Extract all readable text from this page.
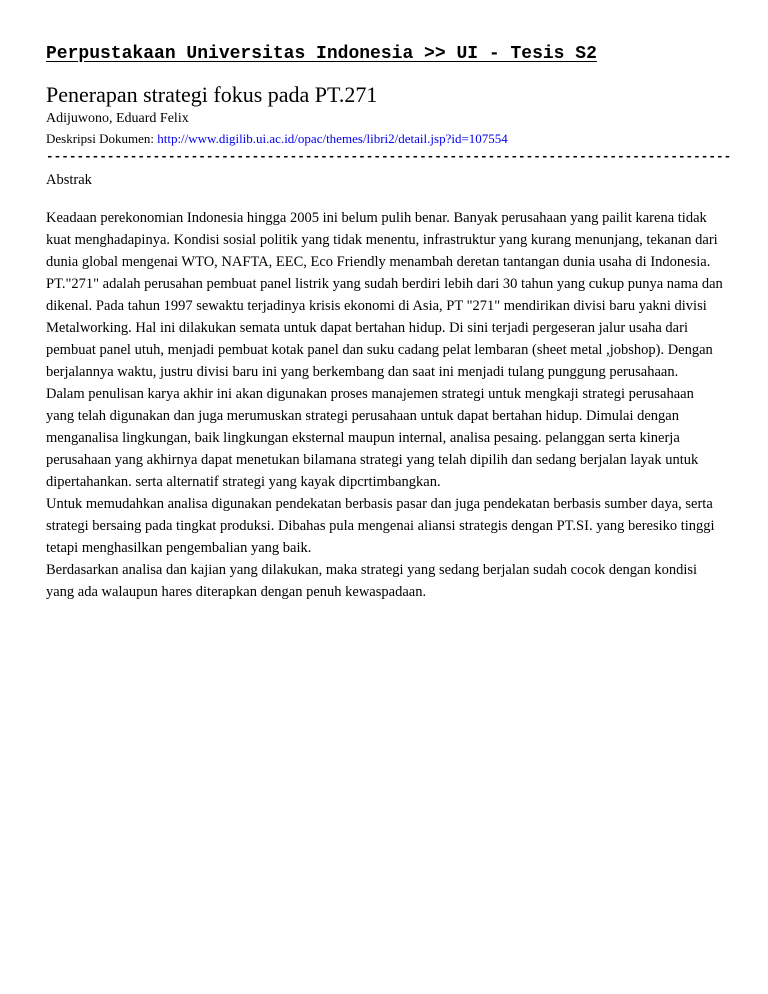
Perpustakaan Universitas Indonesia >> UI - Tesis S2
Penerapan strategi fokus pada PT.271
Adijuwono, Eduard Felix
Deskripsi Dokumen: http://www.digilib.ui.ac.id/opac/themes/libri2/detail.jsp?id=107554
------------------------------------------------------------------------------------------
Abstrak

Keadaan perekonomian Indonesia hingga 2005 ini belum pulih benar. Banyak perusahaan yang pailit karena tidak kuat menghadapinya. Kondisi sosial politik yang tidak menentu, infrastruktur yang kurang menunjang, tekanan dari dunia global mengenai WTO, NAFTA, EEC, Eco Friendly menambah deretan tantangan dunia usaha di Indonesia.

PT."271" adalah perusahan pembuat panel listrik yang sudah berdiri lebih dari 30 tahun yang cukup punya nama dan dikenal. Pada tahun 1997 sewaktu terjadinya krisis ekonomi di Asia, PT "271" mendirikan divisi baru yakni divisi Metalworking. Hal ini dilakukan semata untuk dapat bertahan hidup. Di sini terjadi pergeseran jalur usaha dari pembuat panel utuh, menjadi pembuat kotak panel dan suku cadang pelat lembaran (sheet metal ,jobshop). Dengan berjalannya waktu, justru divisi baru ini yang berkembang dan saat ini menjadi tulang punggung perusahaan.

Dalam penulisan karya akhir ini akan digunakan proses manajemen strategi untuk mengkaji strategi perusahaan yang telah digunakan dan juga merumuskan strategi perusahaan untuk dapat bertahan hidup. Dimulai dengan menganalisa lingkungan, baik lingkungan eksternal maupun internal, analisa pesaing. pelanggan serta kinerja perusahaan yang akhirnya dapat menetukan bilamana strategi yang telah dipilih dan sedang berjalan layak untuk dipertahankan. serta alternatif strategi yang kayak dipcrtimbangkan.

Untuk memudahkan analisa digunakan pendekatan berbasis pasar dan juga pendekatan berbasis sumber daya, serta strategi bersaing pada tingkat produksi. Dibahas pula mengenai aliansi strategis dengan PT.SI. yang beresiko tinggi tetapi menghasilkan pengembalian yang baik.

Berdasarkan analisa dan kajian yang dilakukan, maka strategi yang sedang berjalan sudah cocok dengan kondisi yang ada walaupun hares diterapkan dengan penuh kewaspadaan.
